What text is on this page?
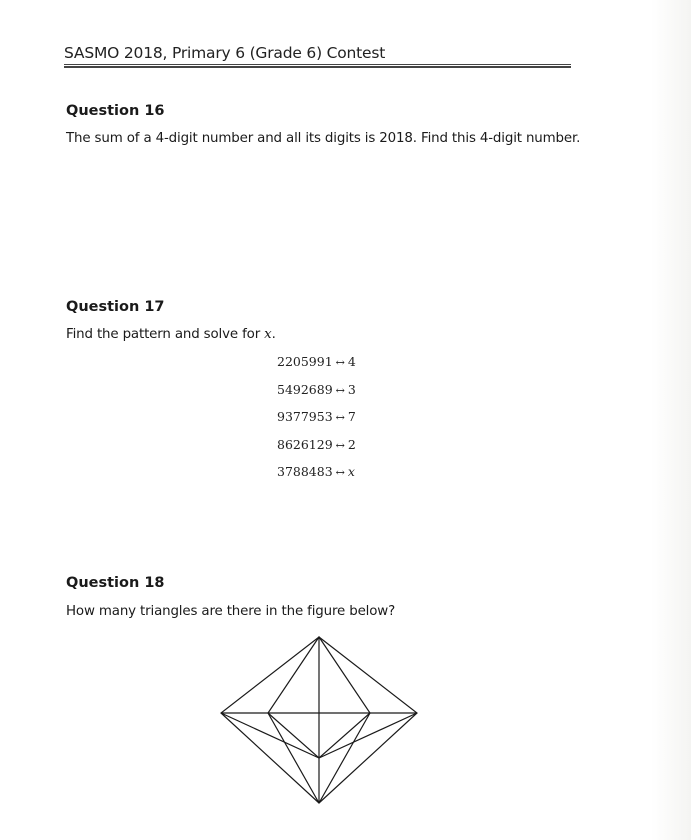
SASMO 2018, Primary 6 (Grade 6) Contest
Question 16
The sum of a 4-digit number and all its digits is 2018. Find this 4-digit number.
Question 17
Find the pattern and solve for x.
2205991 ↔ 4
5492689 ↔ 3
9377953 ↔ 7
8626129 ↔ 2
3788483 ↔ x
Question 18
How many triangles are there in the figure below?
